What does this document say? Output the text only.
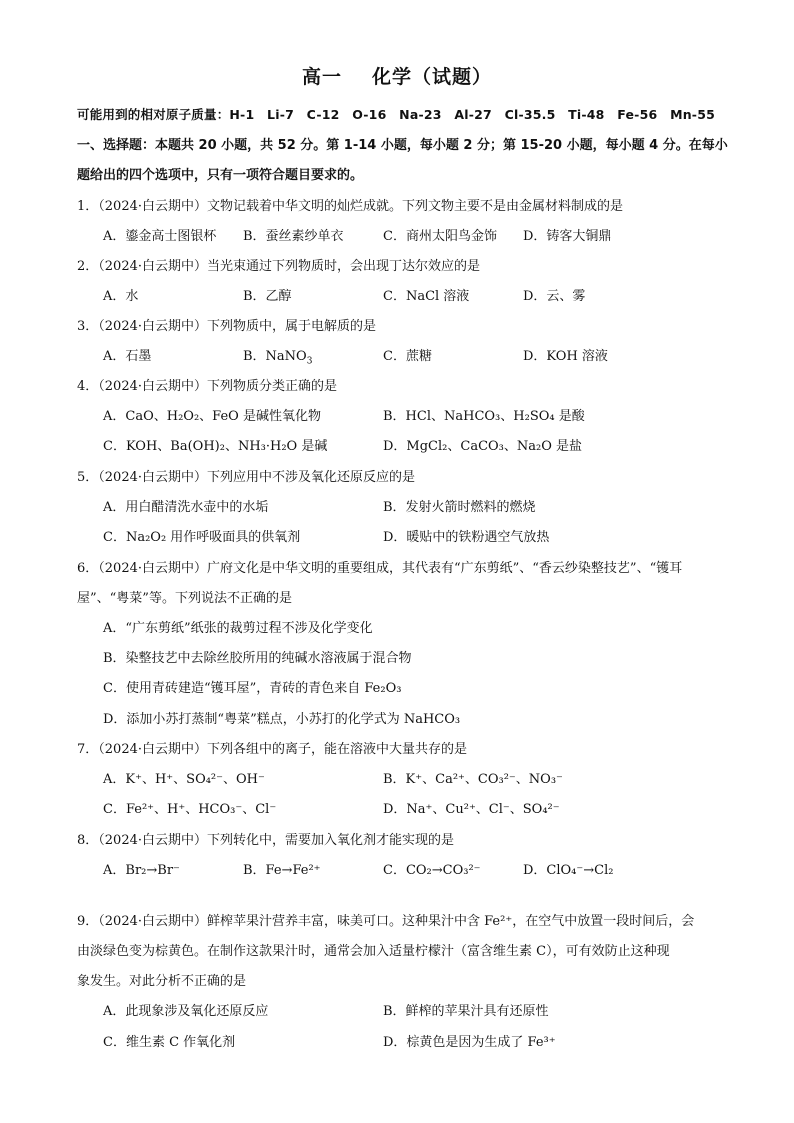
高一 化学（试题）
可能用到的相对原子质量：H-1　Li-7　C-12　O-16　Na-23　Al-27　Cl-35.5　Ti-48　Fe-56　Mn-55
一、选择题：本题共 20 小题，共 52 分。第 1-14 小题，每小题 2 分；第 15-20 小题，每小题 4 分。在每小
题给出的四个选项中，只有一项符合题目要求的。
1．（2024·白云期中）文物记载着中华文明的灿烂成就。下列文物主要不是由金属材料制成的是
A．鎏金高士图银杯 B．蚕丝素纱单衣	C．商州太阳鸟金饰 D．铸客大铜鼎
2．（2024·白云期中）当光束通过下列物质时，会出现丁达尔效应的是
A．水	B．乙醇	C．NaCl 溶液	D．云、雾
3．（2024·白云期中）下列物质中，属于电解质的是
A．石墨	B．NaNO$_3$	C．蔗糖	D．KOH 溶液
4．（2024·白云期中）下列物质分类正确的是
A．CaO、H₂O₂、FeO 是碱性氧化物	B．HCl、NaHCO₃、H₂SO₄ 是酸
C．KOH、Ba(OH)₂、NH₃·H₂O 是碱	D．MgCl₂、CaCO₃、Na₂O 是盐
5．（2024·白云期中）下列应用中不涉及氧化还原反应的是
A．用白醋清洗水壶中的水垢	B．发射火箭时燃料的燃烧
C．Na₂O₂ 用作呼吸面具的供氧剂	D．暖贴中的铁粉遇空气放热
6．（2024·白云期中）广府文化是中华文明的重要组成，其代表有“广东剪纸”、“香云纱染整技艺”、“镬耳
屋”、“粤菜”等。下列说法不正确的是
A．“广东剪纸”纸张的裁剪过程不涉及化学变化
B．染整技艺中去除丝胶所用的纯碱水溶液属于混合物
C．使用青砖建造“镬耳屋”，青砖的青色来自 Fe₂O₃
D．添加小苏打蒸制“粤菜”糕点，小苏打的化学式为 NaHCO₃
7．（2024·白云期中）下列各组中的离子，能在溶液中大量共存的是
A．K⁺、H⁺、SO₄²⁻、OH⁻	B．K⁺、Ca²⁺、CO₃²⁻、NO₃⁻
C．Fe²⁺、H⁺、HCO₃⁻、Cl⁻	D．Na⁺、Cu²⁺、Cl⁻、SO₄²⁻
8．（2024·白云期中）下列转化中，需要加入氧化剂才能实现的是
A．Br₂→Br⁻	B．Fe→Fe²⁺	C．CO₂→CO₃²⁻	D．ClO₄⁻→Cl₂
9．（2024·白云期中）鲜榨苹果汁营养丰富，味美可口。这种果汁中含 Fe²⁺，在空气中放置一段时间后，会
由淡绿色变为棕黄色。在制作这款果汁时，通常会加入适量柠檬汁（富含维生素 C），可有效防止这种现
象发生。对此分析不正确的是
A．此现象涉及氧化还原反应	B．鲜榨的苹果汁具有还原性
C．维生素 C 作氧化剂	D．棕黄色是因为生成了 Fe³⁺
